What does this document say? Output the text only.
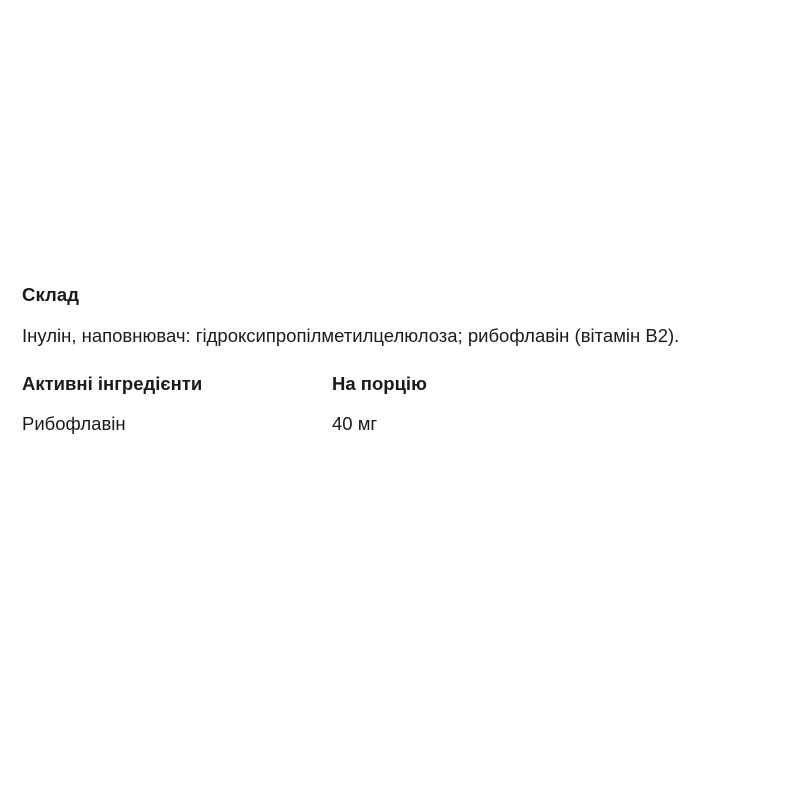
Склад

Інулін, наповнювач: гідроксипропілметилцелюлоза; рибофлавін (вітамін B2).

Активні інгредієнти	На порцію
Рибофлавін	40 мг
